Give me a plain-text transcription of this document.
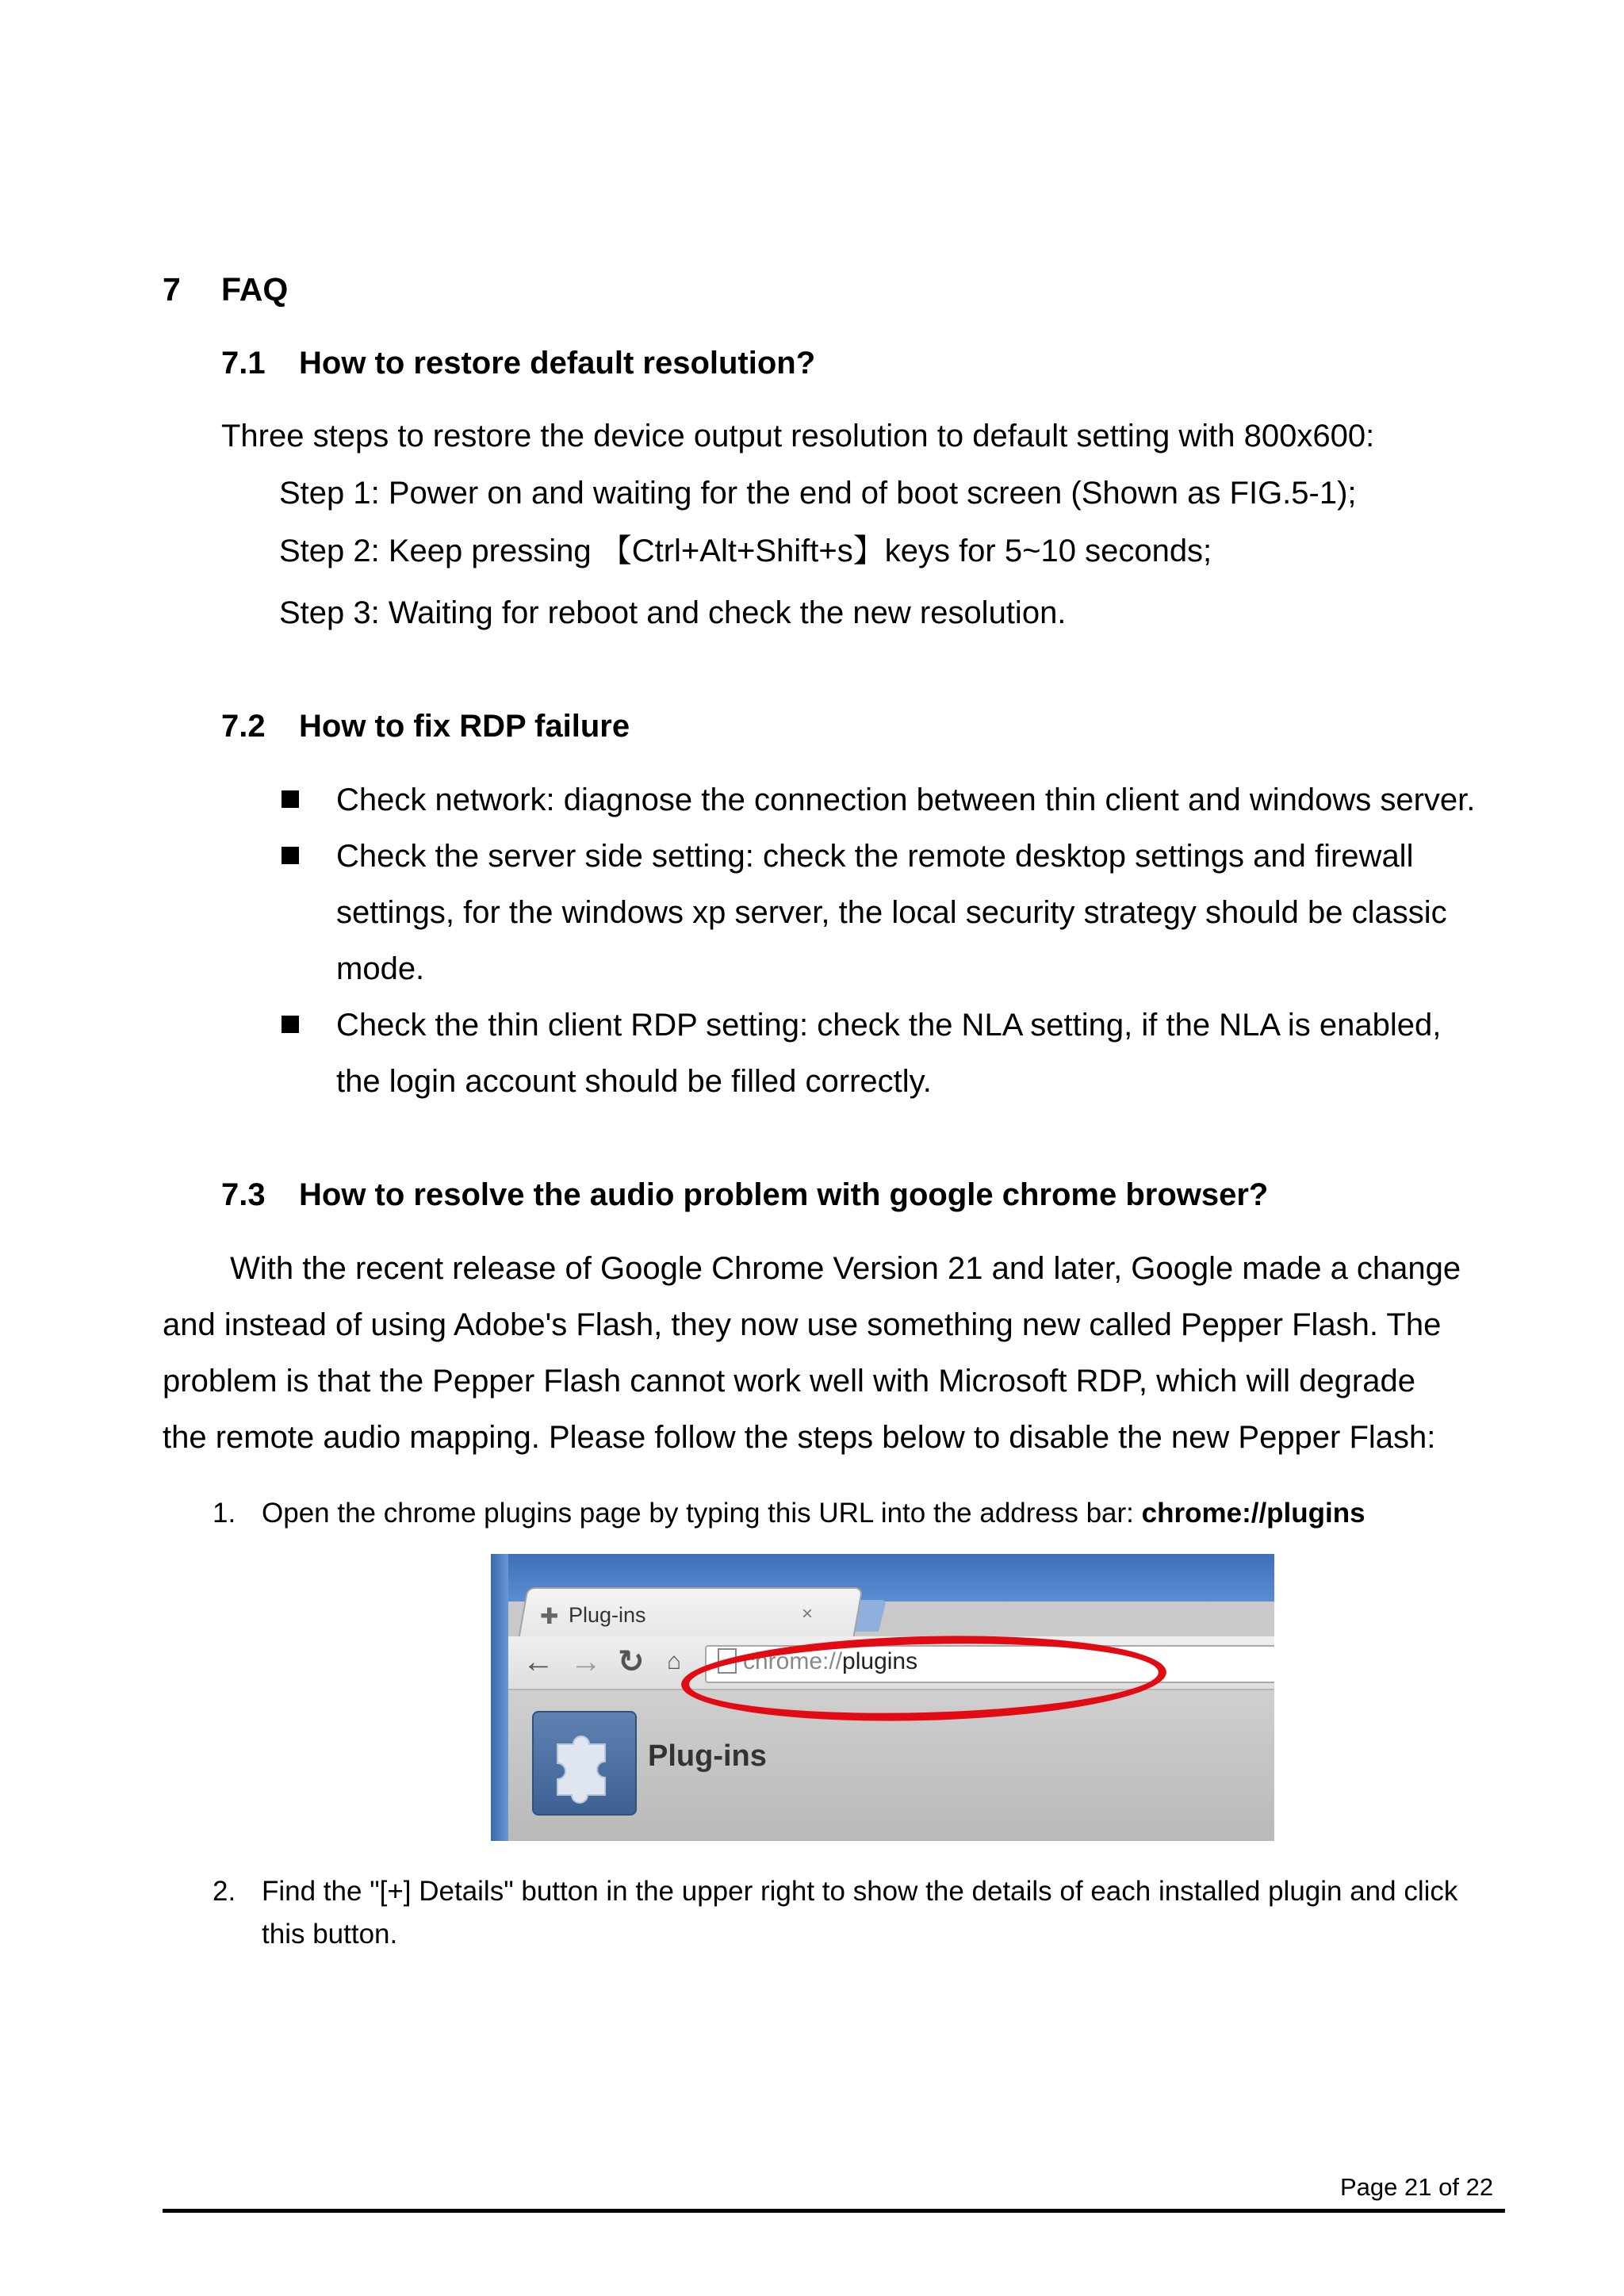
7 FAQ
7.1 How to restore default resolution?
Three steps to restore the device output resolution to default setting with 800x600:
Step 1: Power on and waiting for the end of boot screen (Shown as FIG.5-1);
Step 2: Keep pressing 【Ctrl+Alt+Shift+s】keys for 5~10 seconds;
Step 3: Waiting for reboot and check the new resolution.
7.2 How to fix RDP failure
Check network: diagnose the connection between thin client and windows server.
Check the server side setting: check the remote desktop settings and firewall
settings, for the windows xp server, the local security strategy should be classic
mode.
Check the thin client RDP setting: check the NLA setting, if the NLA is enabled,
the login account should be filled correctly.
7.3 How to resolve the audio problem with google chrome browser?
With the recent release of Google Chrome Version 21 and later, Google made a change
and instead of using Adobe's Flash, they now use something new called Pepper Flash. The
problem is that the Pepper Flash cannot work well with Microsoft RDP, which will degrade
the remote audio mapping. Please follow the steps below to disable the new Pepper Flash:
1. Open the chrome plugins page by typing this URL into the address bar: chrome://plugins
✚ Plug-ins	×
← → ↻ ⌂	chrome://plugins
Plug-ins
2. Find the "[+] Details" button in the upper right to show the details of each installed plugin and click
this button.
Page 21 of 22
